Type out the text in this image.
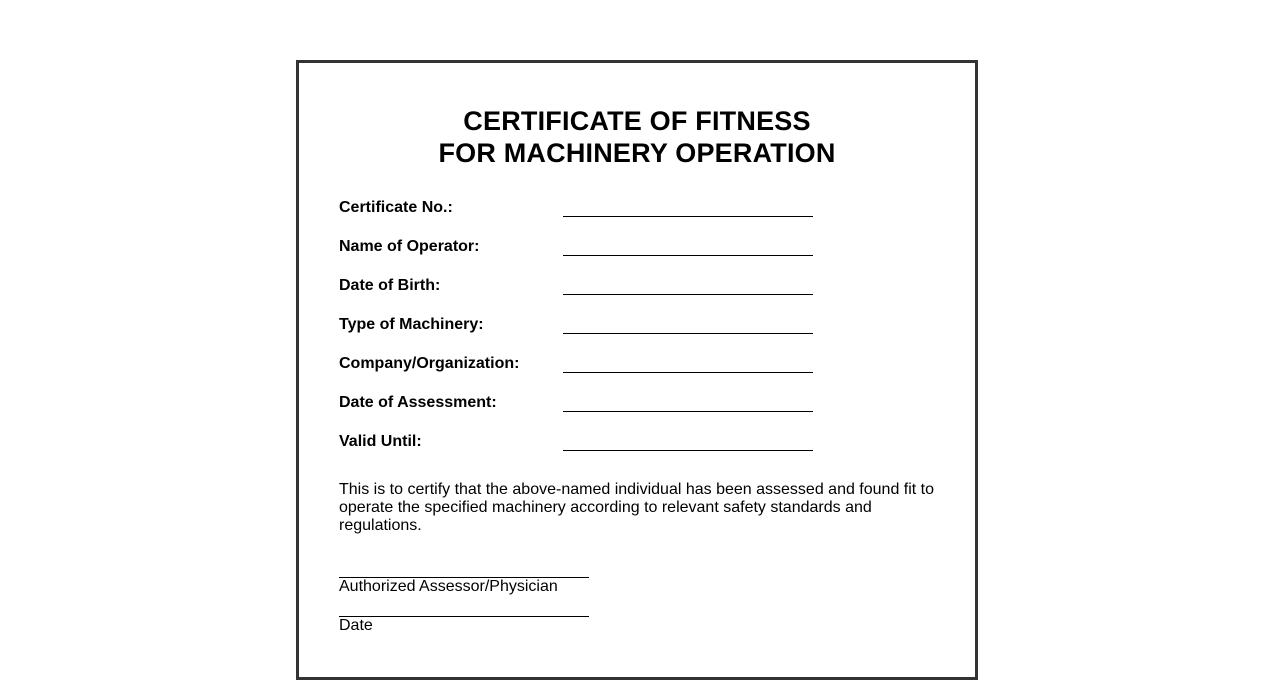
CERTIFICATE OF FITNESS
FOR MACHINERY OPERATION
Certificate No.:
Name of Operator:
Date of Birth:
Type of Machinery:
Company/Organization:
Date of Assessment:
Valid Until:

This is to certify that the above-named individual has been assessed and found fit to operate the specified machinery according to relevant safety standards and regulations.

Authorized Assessor/Physician
Date
